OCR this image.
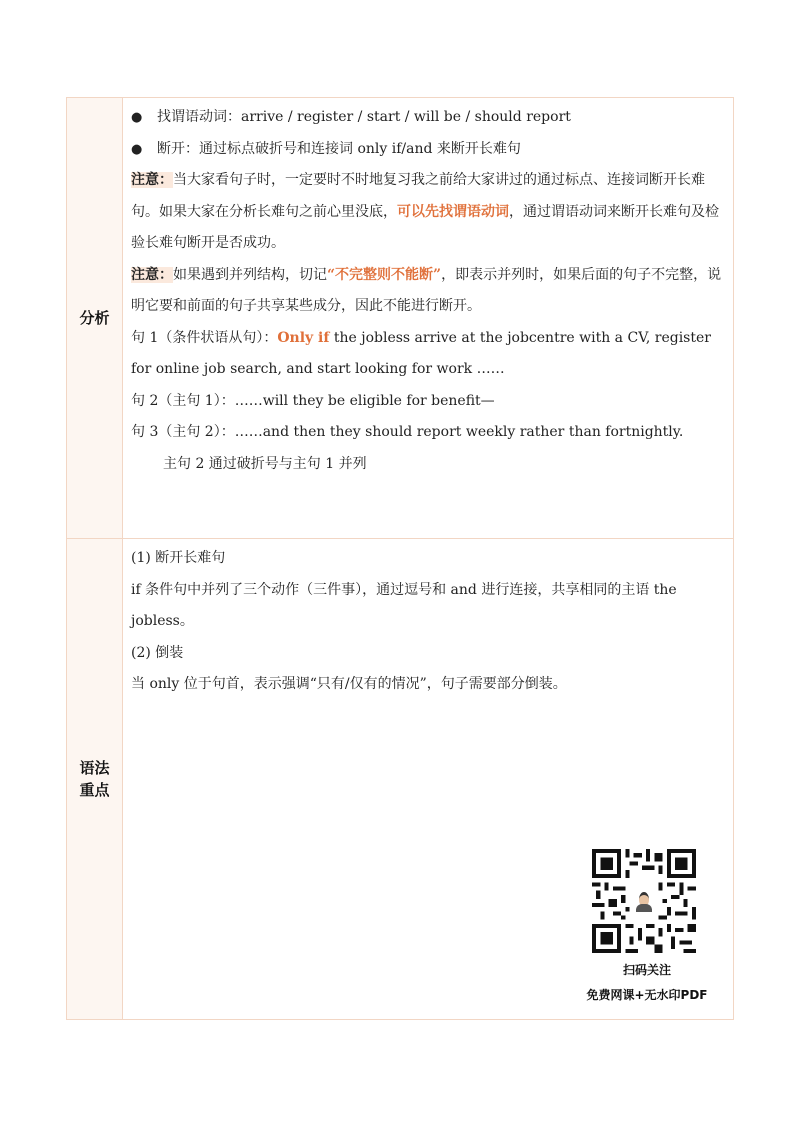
分析

● 找谓语动词：arrive / register / start / will be / should report

● 断开：通过标点破折号和连接词 only if/and 来断开长难句

注意：当大家看句子时，一定要时不时地复习我之前给大家讲过的通过标点、连接词断开长难句。如果大家在分析长难句之前心里没底，可以先找谓语动词，通过谓语动词来断开长难句及检验长难句断开是否成功。

注意：如果遇到并列结构，切记“不完整则不能断”，即表示并列时，如果后面的句子不完整，说明它要和前面的句子共享某些成分，因此不能进行断开。

句 1（条件状语从句）：Only if the jobless arrive at the jobcentre with a CV, register for online job search, and start looking for work ……

句 2（主句 1）：……will they be eligible for benefit—

句 3（主句 2）：……and then they should report weekly rather than fortnightly.

主句 2 通过破折号与主句 1 并列

语法
重点

(1) 断开长难句

if 条件句中并列了三个动作（三件事），通过逗号和 and 进行连接，共享相同的主语 the jobless。

(2) 倒装

当 only 位于句首，表示强调“只有/仅有的情况”，句子需要部分倒装。

扫码关注
免费网课+无水印PDF
